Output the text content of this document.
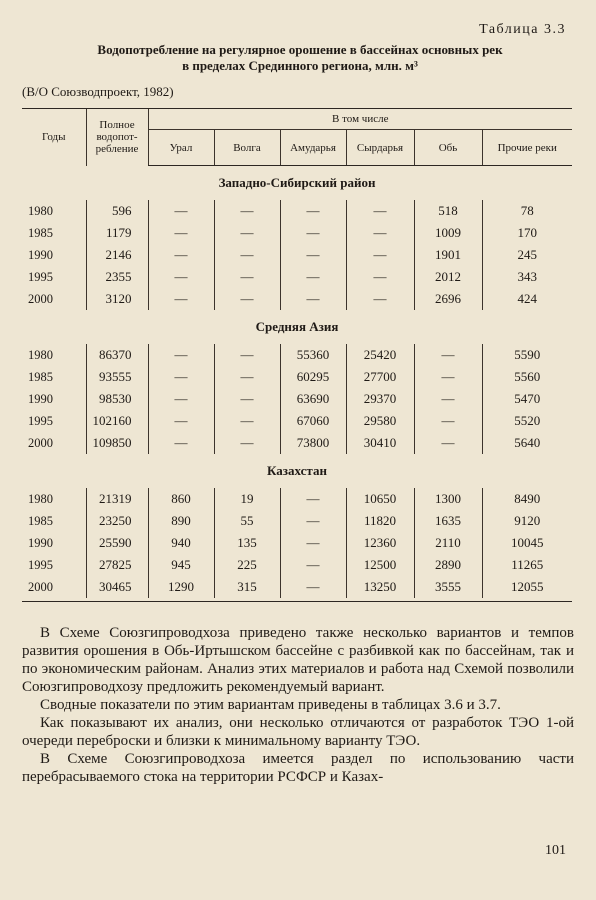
Таблица 3.3
Водопотребление на регулярное орошение в бассейнах основных рек
в пределах Срединного региона, млн. м³
(В/О Союзводпроект, 1982)
Годы	Полное водопот-ребление	В том числе					
		Урал	Волга	Амударья	Сырдарья	Обь	Прочие реки
Западно-Сибирский район							
1980	596	—	—	—	—	518	78
1985	1179	—	—	—	—	1009	170
1990	2146	—	—	—	—	1901	245
1995	2355	—	—	—	—	2012	343
2000	3120	—	—	—	—	2696	424
Средняя Азия							
1980	86370	—	—	55360	25420	—	5590
1985	93555	—	—	60295	27700	—	5560
1990	98530	—	—	63690	29370	—	5470
1995	102160	—	—	67060	29580	—	5520
2000	109850	—	—	73800	30410	—	5640
Казахстан							
1980	21319	860	19	—	10650	1300	8490
1985	23250	890	55	—	11820	1635	9120
1990	25590	940	135	—	12360	2110	10045
1995	27825	945	225	—	12500	2890	11265
2000	30465	1290	315	—	13250	3555	12055

В Схеме Союзгипроводхоза приведено также несколько вариантов и темпов развития орошения в Обь-Иртышском бассейне с разбивкой как по бассейнам, так и по экономическим районам. Анализ этих материалов и работа над Схемой позволили Союзгипроводхозу предложить рекомендуемый вариант.

Сводные показатели по этим вариантам приведены в таблицах 3.6 и 3.7.

Как показывают их анализ, они несколько отличаются от разработок ТЭО 1-ой очереди переброски и близки к минимальному варианту ТЭО.

В Схеме Союзгипроводхоза имеется раздел по использованию части перебрасываемого стока на территории РСФСР и Казах-

101
